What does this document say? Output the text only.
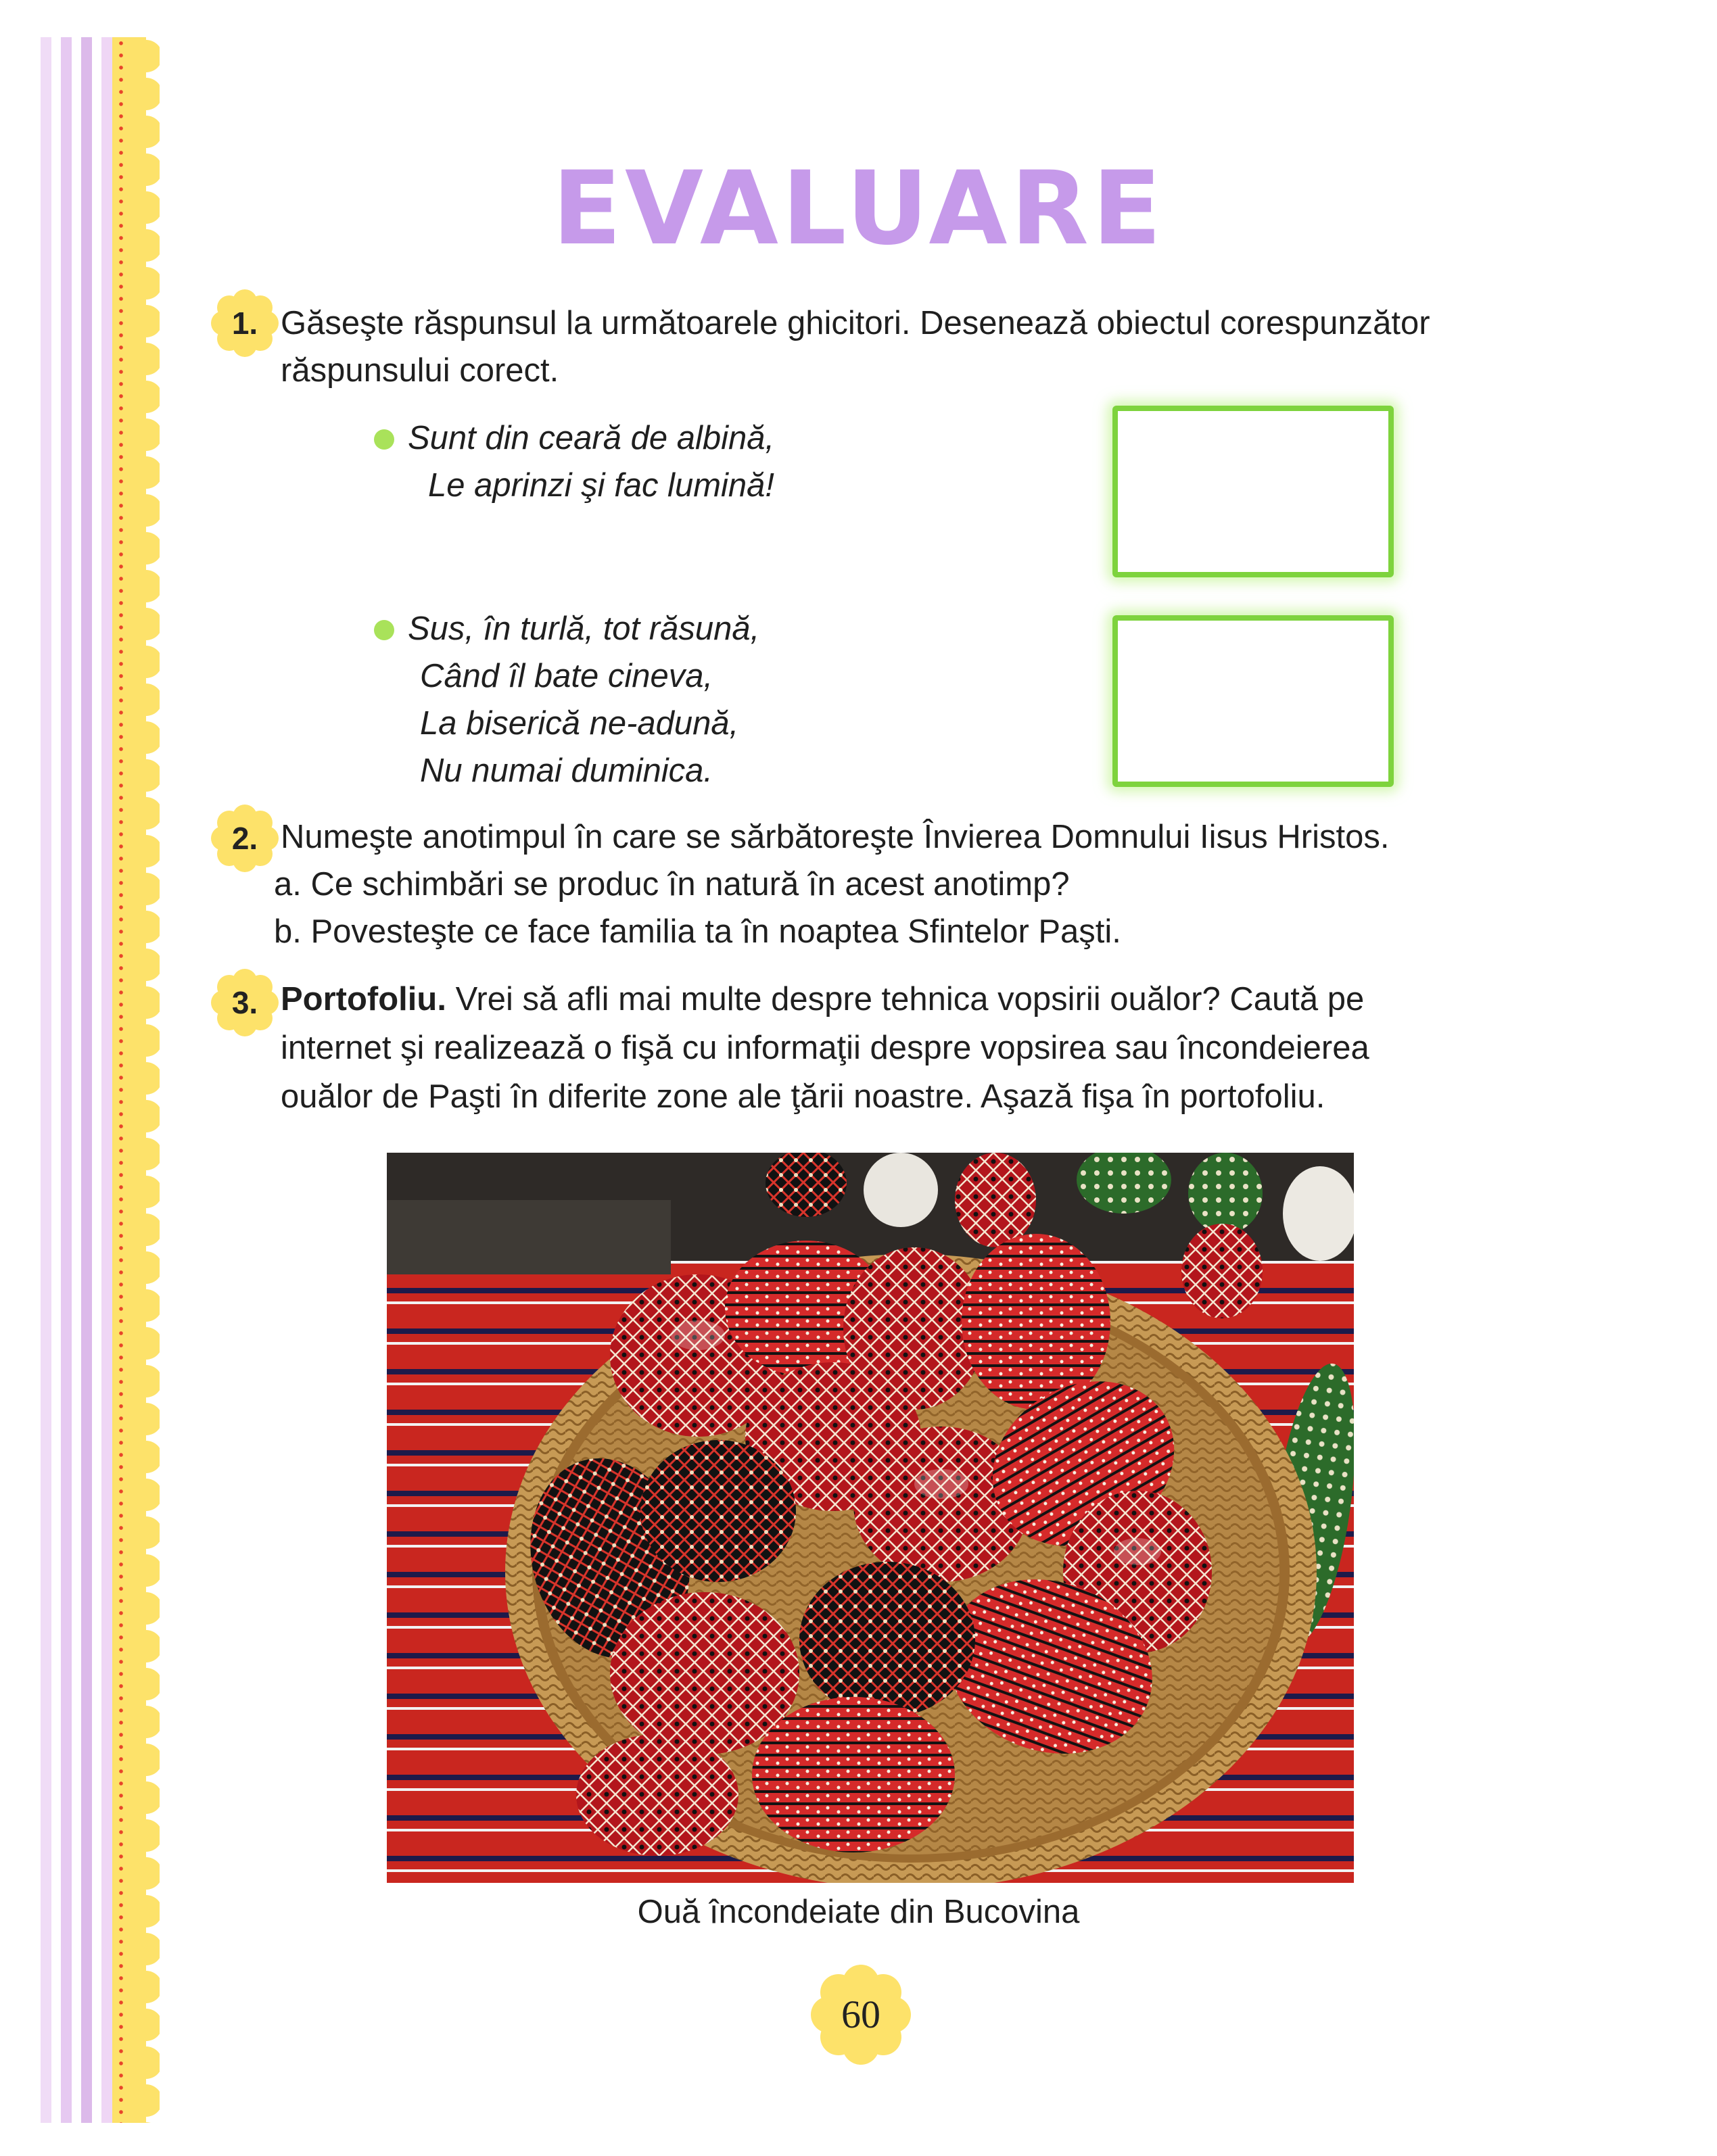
EVALUARE
1. Găseşte răspunsul la următoarele ghicitori. Desenează obiectul corespunzător
răspunsului corect.
Sunt din ceară de albină,
Le aprinzi şi fac lumină!
Sus, în turlă, tot răsună,
Când îl bate cineva,
La biserică ne-adună,
Nu numai duminica.
2. Numeşte anotimpul în care se sărbătoreşte Învierea Domnului Iisus Hristos.
a. Ce schimbări se produc în natură în acest anotimp?
b. Povesteşte ce face familia ta în noaptea Sfintelor Paşti.
3. Portofoliu. Vrei să afli mai multe despre tehnica vopsirii ouălor? Caută pe
internet şi realizează o fişă cu informaţii despre vopsirea sau încondeierea
ouălor de Paşti în diferite zone ale ţării noastre. Aşază fişa în portofoliu.
Ouă încondeiate din Bucovina
60
